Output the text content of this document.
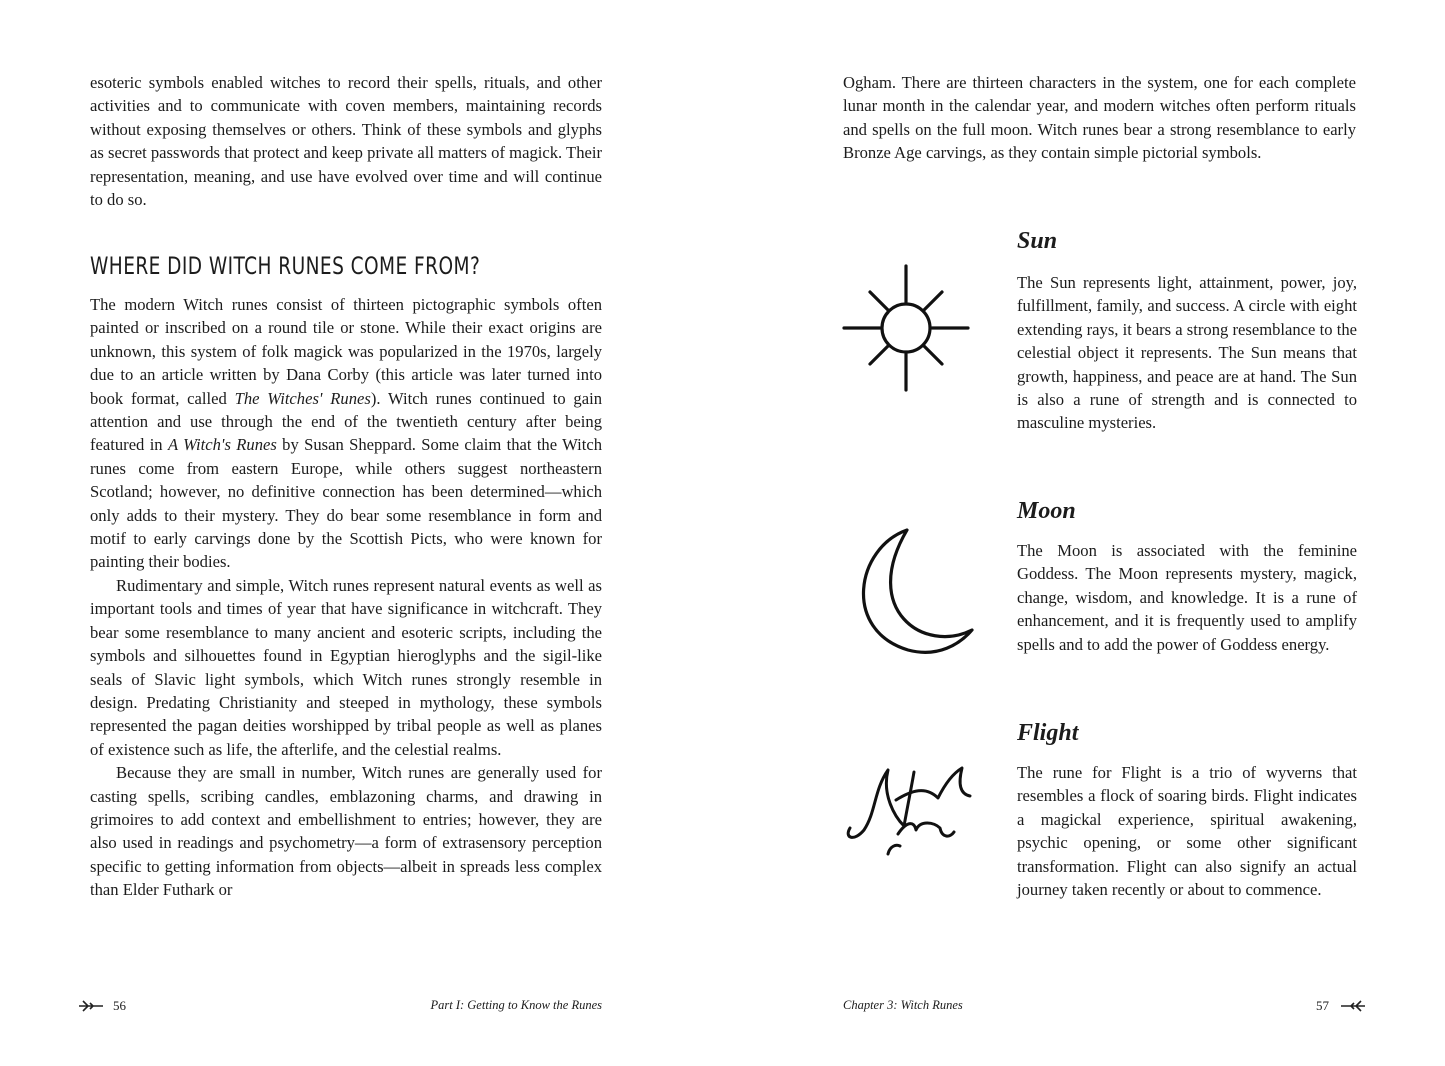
esoteric symbols enabled witches to record their spells, rituals, and other activities and to communicate with coven members, maintaining records without exposing themselves or others. Think of these symbols and glyphs as secret passwords that protect and keep private all matters of magick. Their representation, meaning, and use have evolved over time and will continue to do so.

WHERE DID WITCH RUNES COME FROM?

The modern Witch runes consist of thirteen pictographic symbols often painted or inscribed on a round tile or stone. While their exact origins are unknown, this system of folk magick was popularized in the 1970s, largely due to an article written by Dana Corby (this article was later turned into book format, called The Witches' Runes). Witch runes continued to gain attention and use through the end of the twentieth century after being featured in A Witch's Runes by Susan Sheppard. Some claim that the Witch runes come from eastern Europe, while others suggest northeastern Scotland; however, no definitive connection has been determined—which only adds to their mystery. They do bear some resemblance in form and motif to early carvings done by the Scottish Picts, who were known for painting their bodies.

Rudimentary and simple, Witch runes represent natural events as well as important tools and times of year that have significance in witchcraft. They bear some resemblance to many ancient and esoteric scripts, including the symbols and silhouettes found in Egyptian hieroglyphs and the sigil-like seals of Slavic light symbols, which Witch runes strongly resemble in design. Predating Christianity and steeped in mythology, these symbols represented the pagan deities worshipped by tribal people as well as planes of existence such as life, the afterlife, and the celestial realms.

Because they are small in number, Witch runes are generally used for casting spells, scribing candles, emblazoning charms, and drawing in grimoires to add context and embellishment to entries; however, they are also used in readings and psychometry—a form of extrasensory perception specific to getting information from objects—albeit in spreads less complex than Elder Futhark or

56	Part I: Getting to Know the Runes

Ogham. There are thirteen characters in the system, one for each complete lunar month in the calendar year, and modern witches often perform rituals and spells on the full moon. Witch runes bear a strong resemblance to early Bronze Age carvings, as they contain simple pictorial symbols.

Sun

The Sun represents light, attainment, power, joy, fulfillment, family, and success. A circle with eight extending rays, it bears a strong resemblance to the celestial object it represents. The Sun means that growth, happiness, and peace are at hand. The Sun is also a rune of strength and is connected to masculine mysteries.

Moon

The Moon is associated with the feminine Goddess. The Moon represents mystery, magick, change, wisdom, and knowledge. It is a rune of enhancement, and it is frequently used to amplify spells and to add the power of Goddess energy.

Flight

The rune for Flight is a trio of wyverns that resembles a flock of soaring birds. Flight indicates a magickal experience, spiritual awakening, psychic opening, or some other significant transformation. Flight can also signify an actual journey taken recently or about to commence.

Chapter 3: Witch Runes	57
